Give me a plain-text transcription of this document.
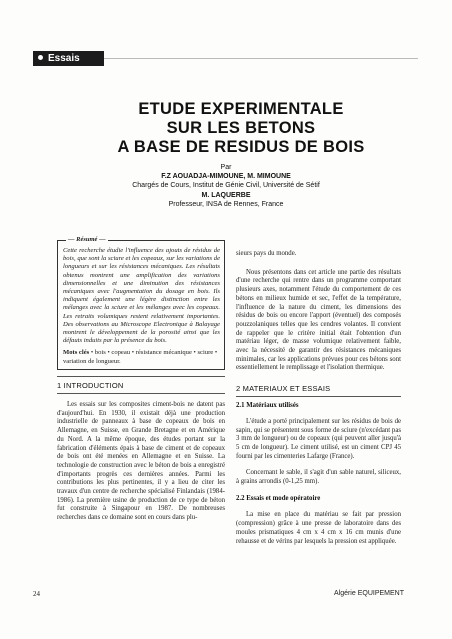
Essais
ETUDE EXPERIMENTALE
SUR LES BETONS
A BASE DE RESIDUS DE BOIS
Par
F.Z AOUADJA-MIMOUNE, M. MIMOUNE
Chargés de Cours, Institut de Génie Civil, Université de Sétif
M. LAQUERBE
Professeur, INSA de Rennes, France
— Résumé —
Cette recherche étudie l'influence des ajouts de résidus de bois, que sont la sciure et les copeaux, sur les variations de longueurs et sur les résistances mécaniques. Les résultats obtenus montrent une amplification des variations dimensionnelles et une diminution des résistances mécaniques avec l'augmentation du dosage en bois. Ils indiquent également une légère distinction entre les mélanges avec la sciure et les mélanges avec les copeaux. Les retraits volumiques restent relativement importantes. Des observations au Microscope Electronique à Balayage montrent le développement de la porosité ainsi que les défauts induits par la présence du bois.
Mots clés • bois • copeau • résistance mécanique • sciure • variation de longueur.
1 INTRODUCTION
Les essais sur les composites ciment-bois ne datent pas d'aujourd'hui. En 1930, il existait déjà une production industrielle de panneaux à base de copeaux de bois en Allemagne, en Suisse, en Grande Bretagne et en Amérique du Nord. A la même époque, des études portant sur la fabrication d'éléments épais à base de ciment et de copeaux de bois ont été menées en Allemagne et en Suisse. La technologie de construction avec le béton de bois a enregistré d'importants progrès ces dernières années. Parmi les contributions les plus pertinentes, il y a lieu de citer les travaux d'un centre de recherche spécialisé Finlandais (1984-1986). La première usine de production de ce type de béton fut construite à Singapour en 1987. De nombreuses recherches dans ce domaine sont en cours dans plu-
sieurs pays du monde.
Nous présentons dans cet article une partie des résultats d'une recherche qui rentre dans un programme comportant plusieurs axes, notamment l'étude du comportement de ces bétons en milieux humide et sec, l'effet de la température, l'influence de la nature du ciment, les dimensions des résidus de bois ou encore l'apport (éventuel) des composés pouzzolaniques telles que les cendres volantes. Il convient de rappeler que le critère initial était l'obtention d'un matériau léger, de masse volumique relativement faible, avec la nécessité de garantir des résistances mécaniques minimales, car les applications prévues pour ces bétons sont essentiellement le remplissage et l'isolation thermique.
2 MATERIAUX ET ESSAIS
2.1 Matériaux utilisés
L'étude a porté principalement sur les résidus de bois de sapin, qui se présentent sous forme de sciure (n'excédant pas 3 mm de longueur) ou de copeaux (qui peuvent aller jusqu'à 5 cm de longueur). Le ciment utilisé, est un ciment CPJ 45 fourni par les cimenteries Lafarge (France).
Concernant le sable, il s'agit d'un sable naturel, siliceux, à grains arrondis (0-1,25 mm).
2.2 Essais et mode opératoire
La mise en place du matériau se fait par pression (compression) grâce à une presse de laboratoire dans des moules prismatiques 4 cm x 4 cm x 16 cm munis d'une rehausse et de vérins par lesquels la pression est appliquée.
24	Algérie EQUIPEMENT
